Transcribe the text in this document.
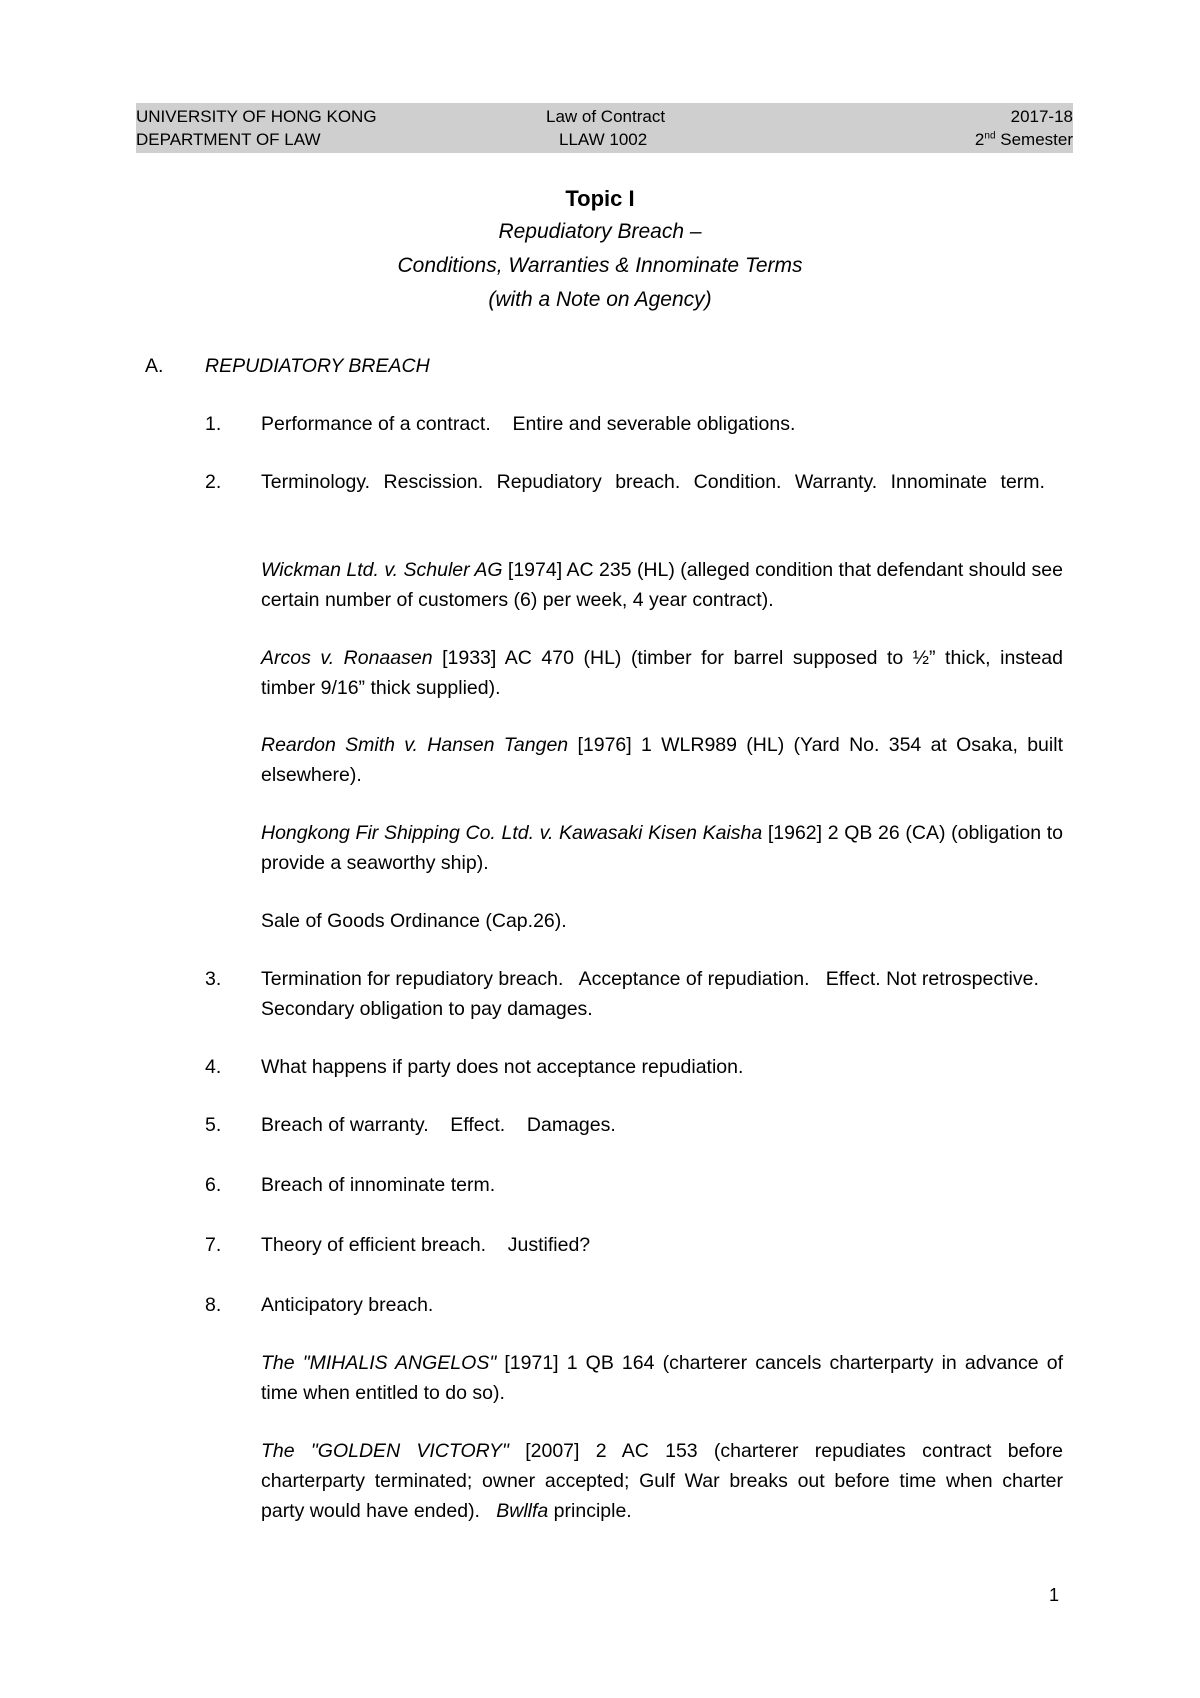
UNIVERSITY OF HONG KONG
DEPARTMENT OF LAW
Law of Contract
LLAW 1002
2017-18
2nd Semester
Topic I
Repudiatory Breach –
Conditions, Warranties & Innominate Terms
(with a Note on Agency)
A. REPUDIATORY BREACH
1. Performance of a contract.    Entire and severable obligations.
2. Terminology. Rescission. Repudiatory breach. Condition. Warranty. Innominate term.
Wickman Ltd. v. Schuler AG [1974] AC 235 (HL) (alleged condition that defendant should see certain number of customers (6) per week, 4 year contract).
Arcos v. Ronaasen [1933] AC 470 (HL) (timber for barrel supposed to ½” thick, instead timber 9/16” thick supplied).
Reardon Smith v. Hansen Tangen [1976] 1 WLR989 (HL) (Yard No. 354 at Osaka, built elsewhere).
Hongkong Fir Shipping Co. Ltd. v. Kawasaki Kisen Kaisha [1962] 2 QB 26 (CA) (obligation to provide a seaworthy ship).
Sale of Goods Ordinance (Cap.26).
3. Termination for repudiatory breach.   Acceptance of repudiation.   Effect. Not retrospective.   Secondary obligation to pay damages.
4. What happens if party does not acceptance repudiation.
5. Breach of warranty.    Effect.    Damages.
6. Breach of innominate term.
7. Theory of efficient breach.    Justified?
8. Anticipatory breach.
The "MIHALIS ANGELOS" [1971] 1 QB 164 (charterer cancels charterparty in advance of time when entitled to do so).
The "GOLDEN VICTORY" [2007] 2 AC 153 (charterer repudiates contract before charterparty terminated; owner accepted; Gulf War breaks out before time when charter party would have ended).   Bwllfa principle.
1
